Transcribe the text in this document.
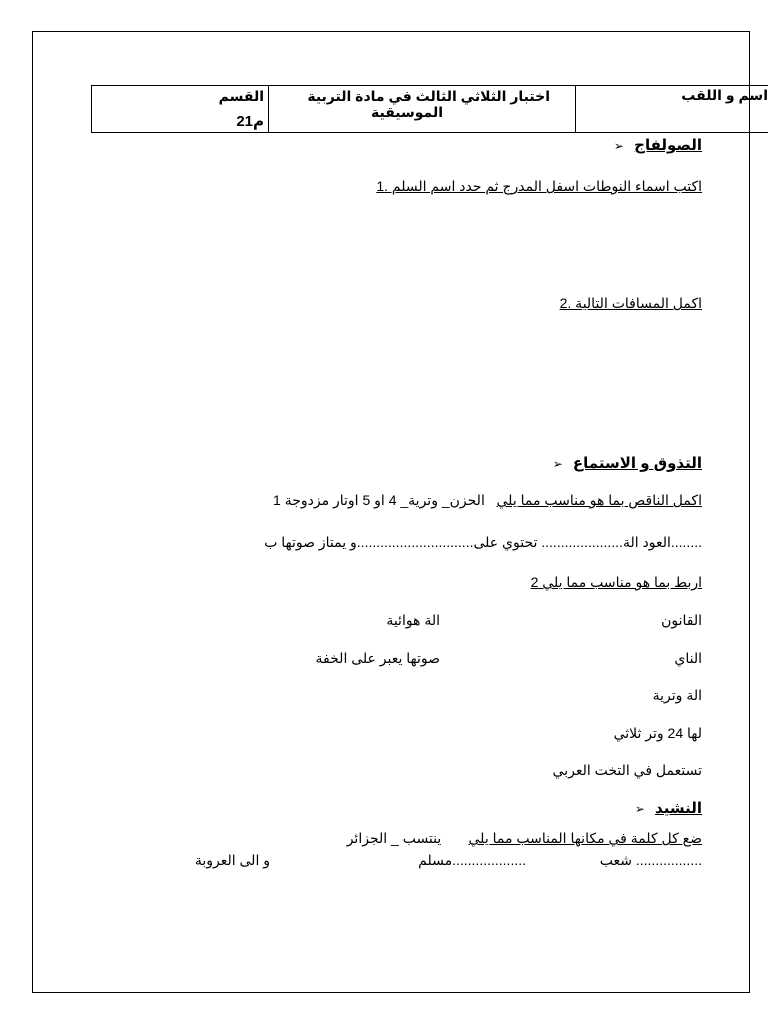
اسم و اللقب
اختبار الثلاثي الثالث في مادة التربية
الموسيقية
القسم
م21
الصولفاج ➢
اكتب اسماء النوطات اسفل المدرج ثم حدد اسم السلم .1
اكمل المسافات التالية .2
التذوق و الاستماع ➢
اكمل الناقص بما هو مناسب مما يلي   الحزن_ وترية_ 4 او 5 اوتار مزدوجة 1
........العود الة..................... تحتوي على..............................و يمتاز صوتها ب
اربط بما هو مناسب مما يلي 2
القانون
الة هوائية
الناي
صوتها يعبر على الخفة
الة وترية
لها 24 وتر ثلاثي
تستعمل في التخت العربي
النشيد ➢
ضع كل كلمة في مكانها المناسب مما يلي       ينتسب _ الجزائر
................. شعب
...................مسلم
و الى العروبة
